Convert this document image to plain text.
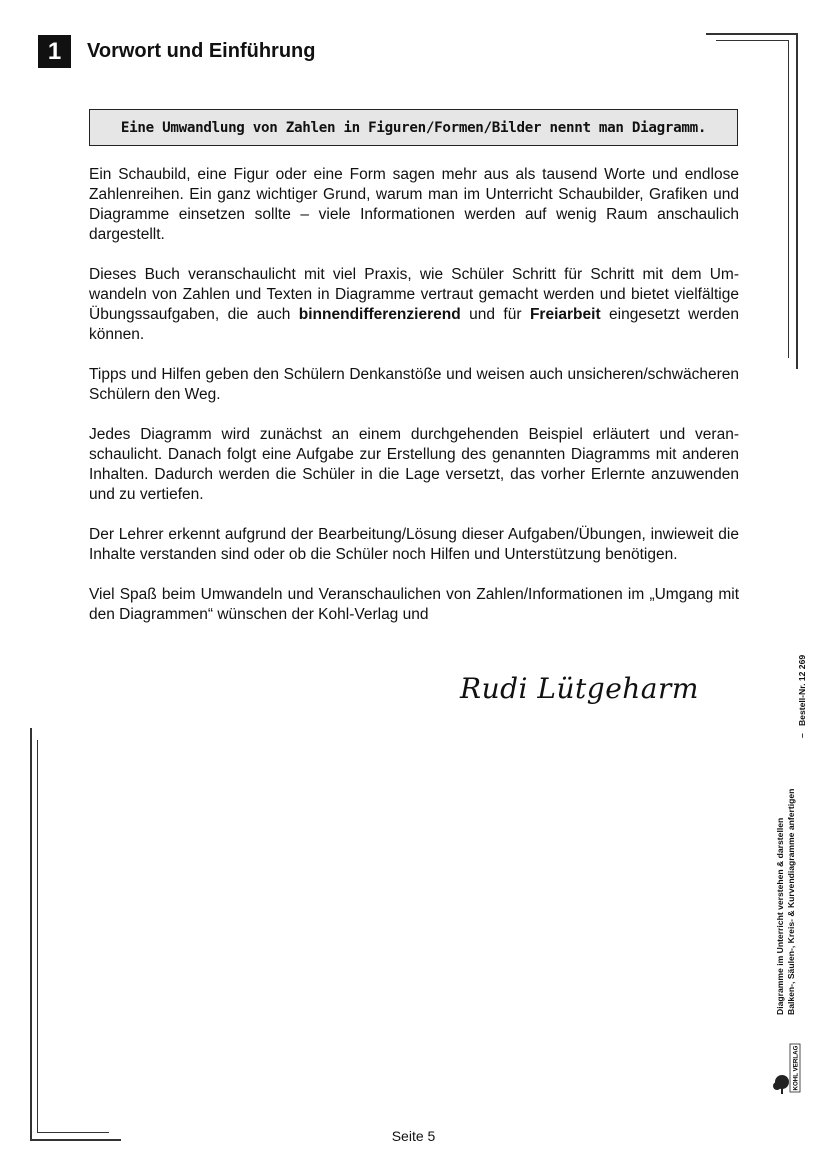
1	Vorwort und Einführung
Eine Umwandlung von Zahlen in Figuren/Formen/Bilder nennt man Diagramm.

Ein Schaubild, eine Figur oder eine Form sagen mehr aus als tausend Worte und endlose Zahlenreihen. Ein ganz wichtiger Grund, warum man im Unterricht Schaubilder, Grafiken und Diagramme einsetzen sollte – viele Informationen werden auf wenig Raum anschaulich dargestellt.

Dieses Buch veranschaulicht mit viel Praxis, wie Schüler Schritt für Schritt mit dem Umwandeln von Zahlen und Texten in Diagramme vertraut gemacht werden und bietet vielfältige Übungssaufgaben, die auch binnendifferenzierend und für Freiarbeit eingesetzt werden können.

Tipps und Hilfen geben den Schülern Denkanstöße und weisen auch unsicheren/schwächeren Schülern den Weg.

Jedes Diagramm wird zunächst an einem durchgehenden Beispiel erläutert und veranschaulicht. Danach folgt eine Aufgabe zur Erstellung des genannten Diagramms mit anderen Inhalten. Dadurch werden die Schüler in die Lage versetzt, das vorher Erlernte anzuwenden und zu vertiefen.

Der Lehrer erkennt aufgrund der Bearbeitung/Lösung dieser Aufgaben/Übungen, inwieweit die Inhalte verstanden sind oder ob die Schüler noch Hilfen und Unterstützung benötigen.

Viel Spaß beim Umwandeln und Veranschaulichen von Zahlen/Informationen im „Umgang mit den Diagrammen“ wünschen der Kohl-Verlag und

Rudi Lütgeharm
Diagramme im Unterricht verstehen & darstellen Balken-, Säulen-, Kreis- & Kurvendiagramme anfertigen
–   Bestell-Nr. 12 269
KOHL VERLAG
Seite 5
